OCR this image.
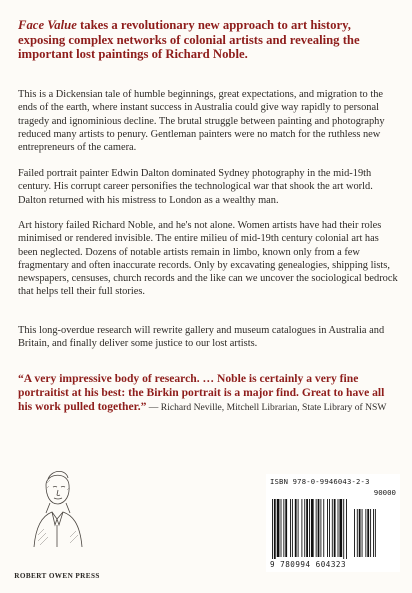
Face Value takes a revolutionary new approach to art history, exposing complex networks of colonial artists and revealing the important lost paintings of Richard Noble.
This is a Dickensian tale of humble beginnings, great expectations, and migration to the ends of the earth, where instant success in Australia could give way rapidly to personal tragedy and ignominious decline. The brutal struggle between painting and photography reduced many artists to penury. Gentleman painters were no match for the ruthless new entrepreneurs of the camera.
Failed portrait painter Edwin Dalton dominated Sydney photography in the mid-19th century. His corrupt career personifies the technological war that shook the art world. Dalton returned with his mistress to London as a wealthy man.
Art history failed Richard Noble, and he's not alone. Women artists have had their roles minimised or rendered invisible. The entire milieu of mid-19th century colonial art has been neglected. Dozens of notable artists remain in limbo, known only from a few fragmentary and often inaccurate records. Only by excavating genealogies, shipping lists, newspapers, censuses, church records and the like can we uncover the sociological bedrock that helps tell their full stories.
This long-overdue research will rewrite gallery and museum catalogues in Australia and Britain, and finally deliver some justice to our lost artists.
“A very impressive body of research. … Noble is certainly a very fine portraitist at his best: the Birkin portrait is a major find. Great to have all his work pulled together.” — Richard Neville, Mitchell Librarian, State Library of NSW
ROBERT OWEN PRESS
ISBN 978-0-9946043-2-3
90000
9 780994 604323
